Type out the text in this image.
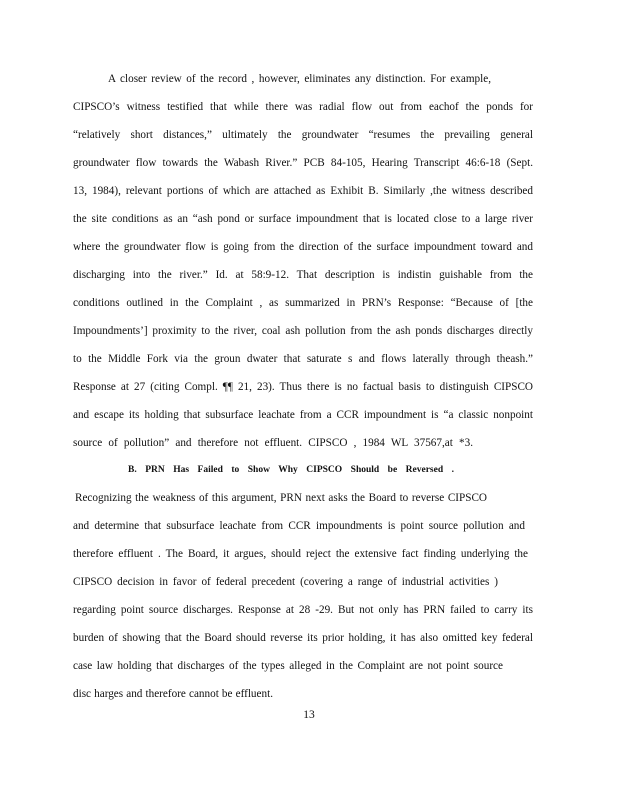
A closer review of the record , however, eliminates any distinction. For example,
CIPSCO’s witness testified that while there was radial flow out from eachof the ponds for
“relatively short distances,” ultimately the groundwater “resumes the prevailing general
groundwater flow towards the Wabash River.” PCB 84-105, Hearing Transcript 46:6-18 (Sept.
13, 1984), relevant portions of which are attached as Exhibit B. Similarly ,the witness described
the site conditions as an “ash pond or surface impoundment that is located close to a large river
where the groundwater flow is going from the direction of the surface impoundment toward and
discharging into the river.” Id. at 58:9-12. That description is indistin guishable from the
conditions outlined in the Complaint , as summarized in PRN’s Response: “Because of [the
Impoundments’] proximity to the river, coal ash pollution from the ash ponds discharges directly
to the Middle Fork via the groun dwater that saturate s and flows laterally through theash.”
Response at 27 (citing Compl. ¶¶ 21, 23). Thus there is no factual basis to distinguish CIPSCO
and escape its holding that subsurface leachate from a CCR impoundment is “a classic nonpoint
source of pollution” and therefore not effluent. CIPSCO , 1984 WL 37567,at *3.
B. PRN Has Failed to Show Why CIPSCO Should be Reversed .
Recognizing the weakness of this argument, PRN next asks the Board to reverse CIPSCO
and determine that subsurface leachate from CCR impoundments is point source pollution and
therefore effluent . The Board, it argues, should reject the extensive fact finding underlying the
CIPSCO decision in favor of federal precedent (covering a range of industrial activities )
regarding point source discharges. Response at 28 -29. But not only has PRN failed to carry its
burden of showing that the Board should reverse its prior holding, it has also omitted key federal
case law holding that discharges of the types alleged in the Complaint are not point source
disc harges and therefore cannot be effluent.
13
